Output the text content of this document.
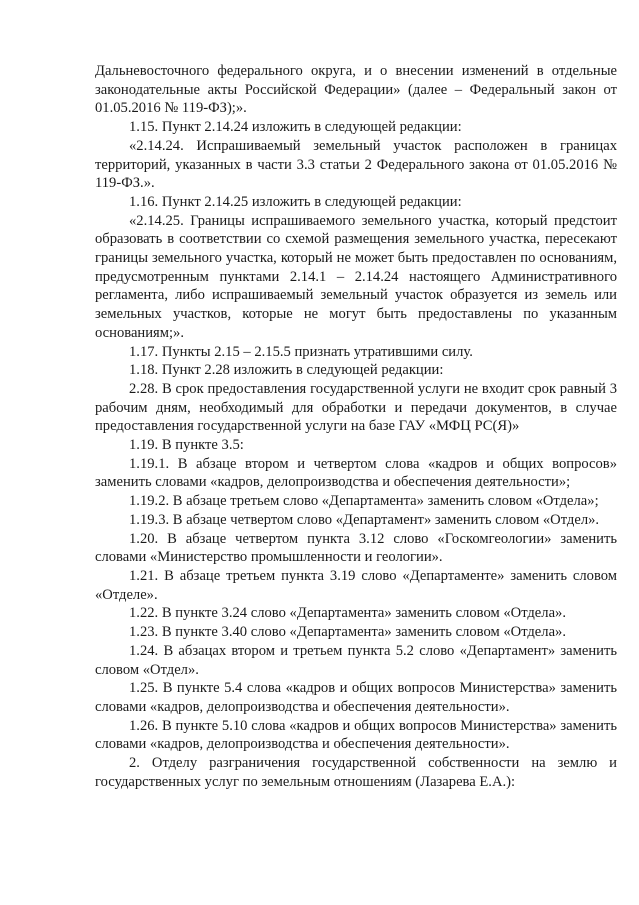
Дальневосточного федерального округа, и о внесении изменений в отдельные законодательные акты Российской Федерации» (далее – Федеральный закон от 01.05.2016 № 119-ФЗ);».

1.15. Пункт 2.14.24 изложить в следующей редакции:

«2.14.24. Испрашиваемый земельный участок расположен в границах территорий, указанных в части 3.3 статьи 2 Федерального закона от 01.05.2016 № 119-ФЗ.».

1.16. Пункт 2.14.25 изложить в следующей редакции:

«2.14.25. Границы испрашиваемого земельного участка, который предстоит образовать в соответствии со схемой размещения земельного участка, пересекают границы земельного участка, который не может быть предоставлен по основаниям, предусмотренным пунктами 2.14.1 – 2.14.24 настоящего Административного регламента, либо испрашиваемый земельный участок образуется из земель или земельных участков, которые не могут быть предоставлены по указанным основаниям;».

1.17. Пункты 2.15 – 2.15.5 признать утратившими силу.

1.18. Пункт 2.28 изложить в следующей редакции:

2.28. В срок предоставления государственной услуги не входит срок равный 3 рабочим дням, необходимый для обработки и передачи документов, в случае предоставления государственной услуги на базе ГАУ «МФЦ РС(Я)»

1.19. В пункте 3.5:

1.19.1. В абзаце втором и четвертом слова «кадров и общих вопросов» заменить словами «кадров, делопроизводства и обеспечения деятельности»;

1.19.2. В абзаце третьем слово «Департамента» заменить словом «Отдела»;

1.19.3. В абзаце четвертом слово «Департамент» заменить словом «Отдел».

1.20. В абзаце четвертом пункта 3.12 слово «Госкомгеологии» заменить словами «Министерство промышленности и геологии».

1.21. В абзаце третьем пункта 3.19 слово «Департаменте» заменить словом «Отделе».

1.22. В пункте 3.24 слово «Департамента» заменить словом «Отдела».

1.23. В пункте 3.40 слово «Департамента» заменить словом «Отдела».

1.24. В абзацах втором и третьем пункта 5.2 слово «Департамент» заменить словом «Отдел».

1.25. В пункте 5.4 слова «кадров и общих вопросов Министерства» заменить словами «кадров, делопроизводства и обеспечения деятельности».

1.26. В пункте 5.10 слова «кадров и общих вопросов Министерства» заменить словами «кадров, делопроизводства и обеспечения деятельности».

2. Отделу разграничения государственной собственности на землю и государственных услуг по земельным отношениям (Лазарева Е.А.):
